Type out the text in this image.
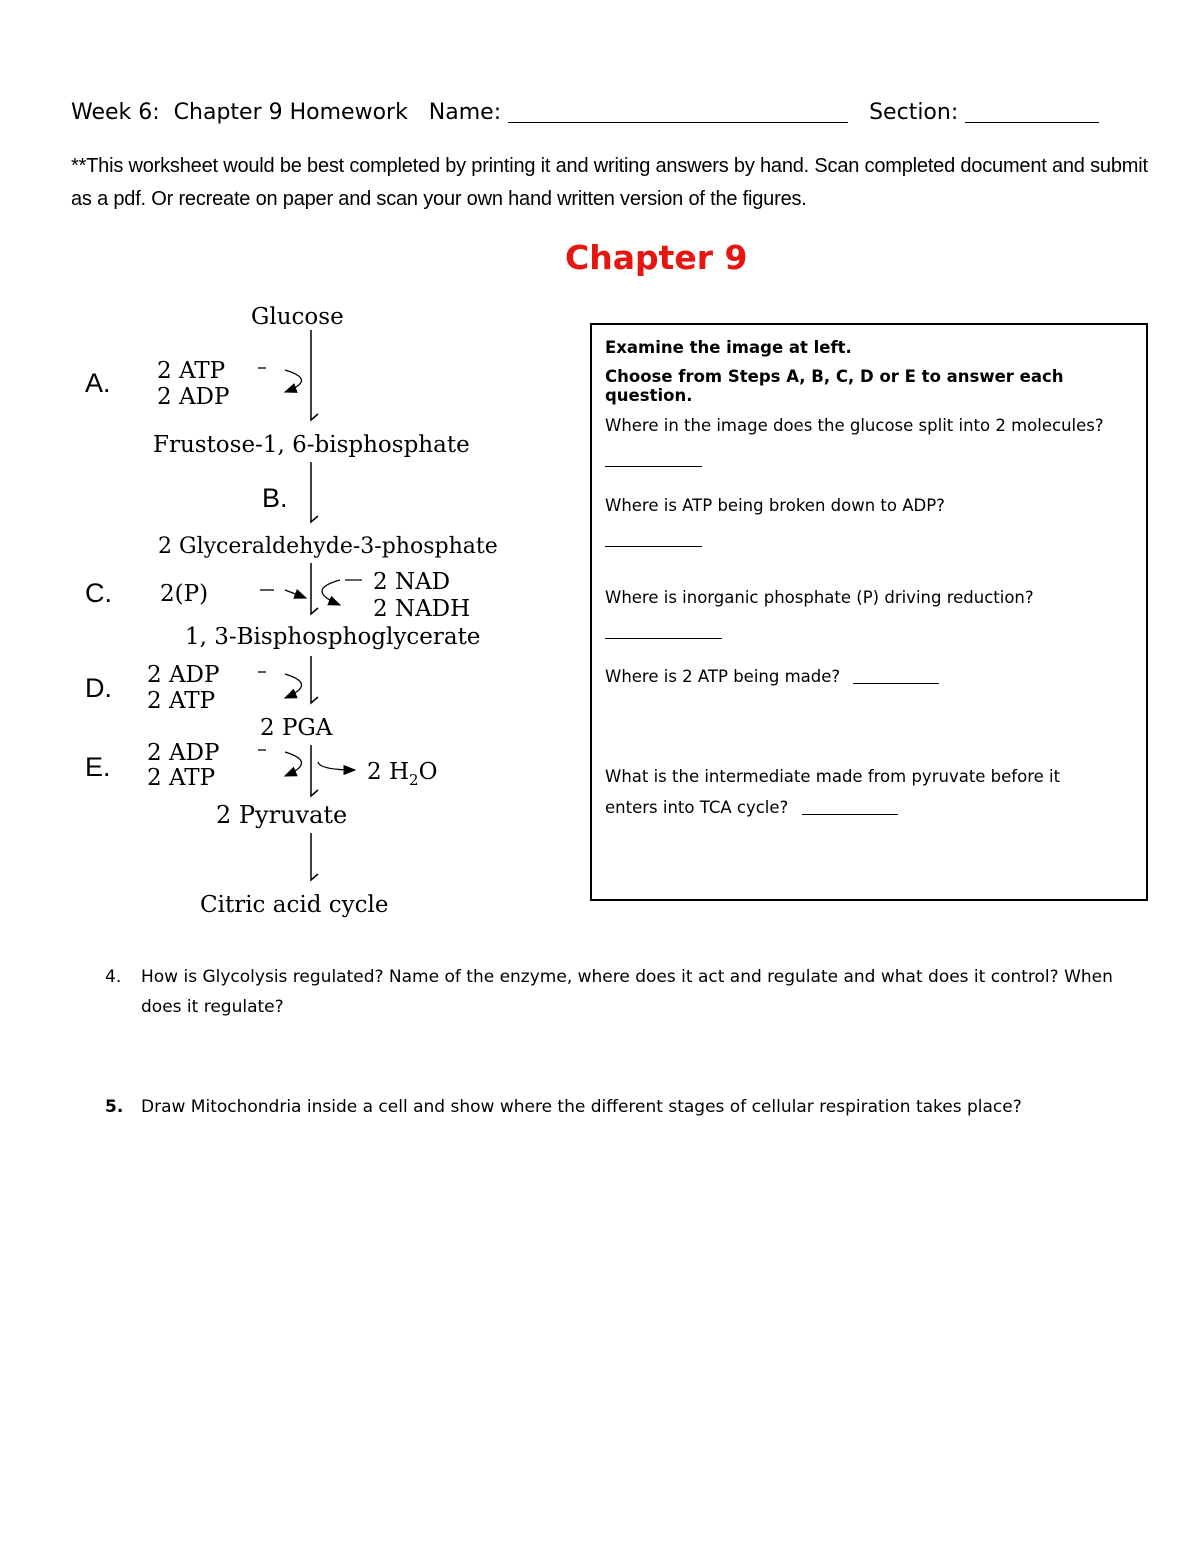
Week 6:  Chapter 9 Homework   Name:	Section:
**This worksheet would be best completed by printing it and writing answers by hand. Scan completed document and submit as a pdf. Or recreate on paper and scan your own hand written version of the figures.
Chapter 9
Glucose
Frustose-1, 6-bisphosphate
2 Glyceraldehyde-3-phosphate
1, 3-Bisphosphoglycerate
2 PGA
2 Pyruvate
Citric acid cycle
A.
B.
C.
D.
E.
2 ATP
2 ADP
2(P)	2 NAD
2 NADH
2 ADP
2 ATP
2 ADP
2 ATP	2 $H_2O$
Examine the image at left.
Choose from Steps A, B, C, D or E to answer each question.
Where in the image does the glucose split into 2 molecules?
Where is ATP being broken down to ADP?
Where is inorganic phosphate (P) driving reduction?
Where is 2 ATP being made?
What is the intermediate made from pyruvate before it
enters into TCA cycle?
4. How is Glycolysis regulated? Name of the enzyme, where does it act and regulate and what does it control? When does it regulate?
5. Draw Mitochondria inside a cell and show where the different stages of cellular respiration takes place?
